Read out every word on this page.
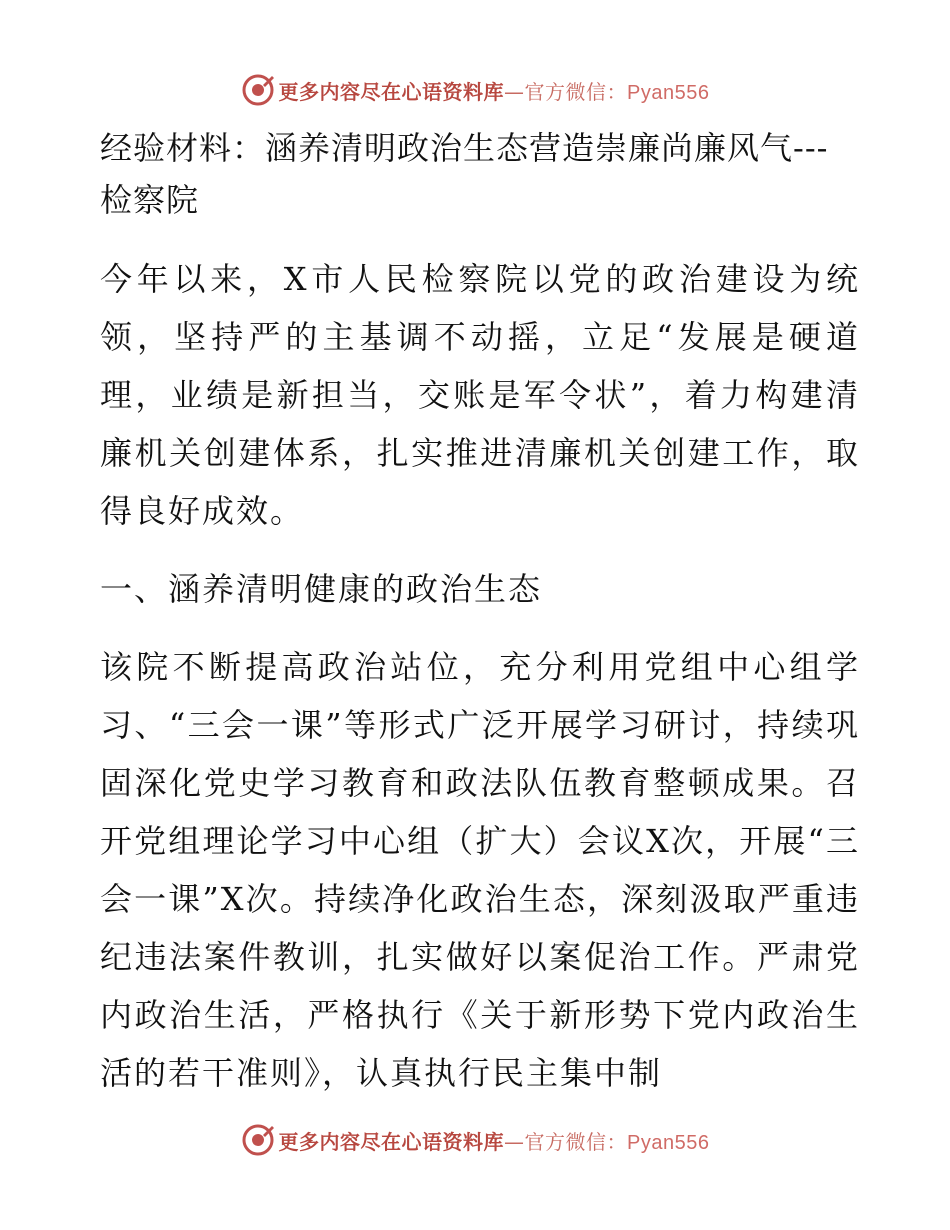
更多内容尽在心语资料库—官方微信：Pyan556
经验材料：涵养清明政治生态营造崇廉尚廉风气---检察院

今年以来，X市人民检察院以党的政治建设为统领，坚持严的主基调不动摇，立足“发展是硬道理，业绩是新担当，交账是军令状”，着力构建清廉机关创建体系，扎实推进清廉机关创建工作，取得良好成效。

一、涵养清明健康的政治生态

该院不断提高政治站位，充分利用党组中心组学习、“三会一课”等形式广泛开展学习研讨，持续巩固深化党史学习教育和政法队伍教育整顿成果。召开党组理论学习中心组（扩大）会议X次，开展“三会一课”X次。持续净化政治生态，深刻汲取严重违纪违法案件教训，扎实做好以案促治工作。严肃党内政治生活，严格执行《关于新形势下党内政治生活的若干准则》，认真执行民主集中制

更多内容尽在心语资料库—官方微信：Pyan556
